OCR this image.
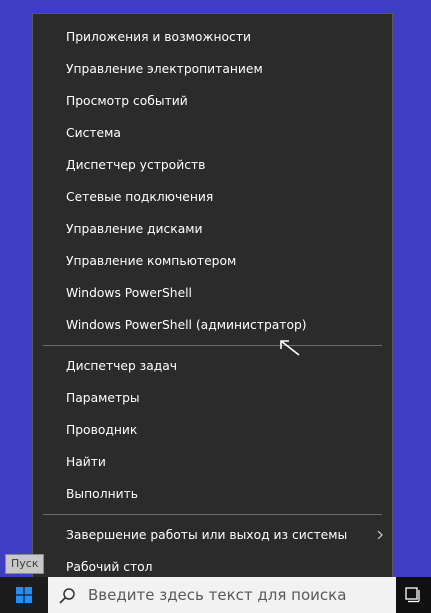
Приложения и возможности
Управление электропитанием
Просмотр событий
Система
Диспетчер устройств
Сетевые подключения
Управление дисками
Управление компьютером
Windows PowerShell
Windows PowerShell (администратор)
Диспетчер задач
Параметры
Проводник
Найти
Выполнить
Завершение работы или выход из системы
Рабочий стол
Введите здесь текст для поиска
Пуск
